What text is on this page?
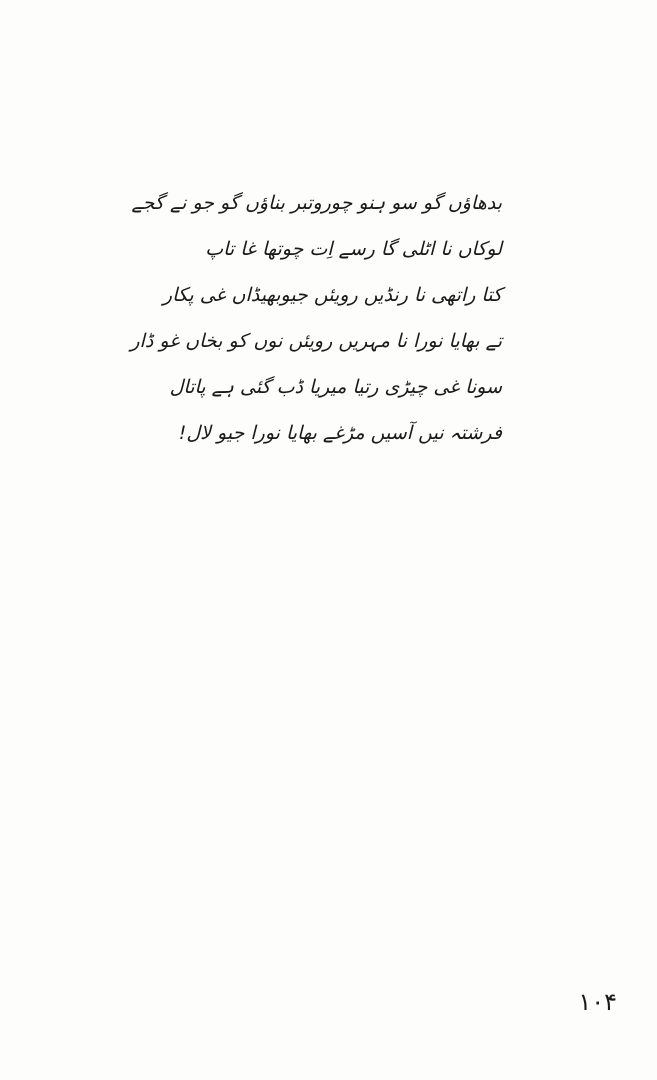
بدھاؤں گو سو ہنو چوروتبر بناؤں گو جو نے گجے
لوکاں نا اٹلی گا رسے اِت چوتھا غا تاپ
کتا راتھی نا رنڈیں رویئں جیوبھیڈاں غی پکار
تے بھایا نورا نا مہریں رویئں نوں کو بخاں غو ڈار
سونا غی چیڑی رتیا میریا ڈب گئی ہے پاتال
فرشتہ نیں آسیں مڑغے بھایا نورا جیو لال!
۱۰۴
